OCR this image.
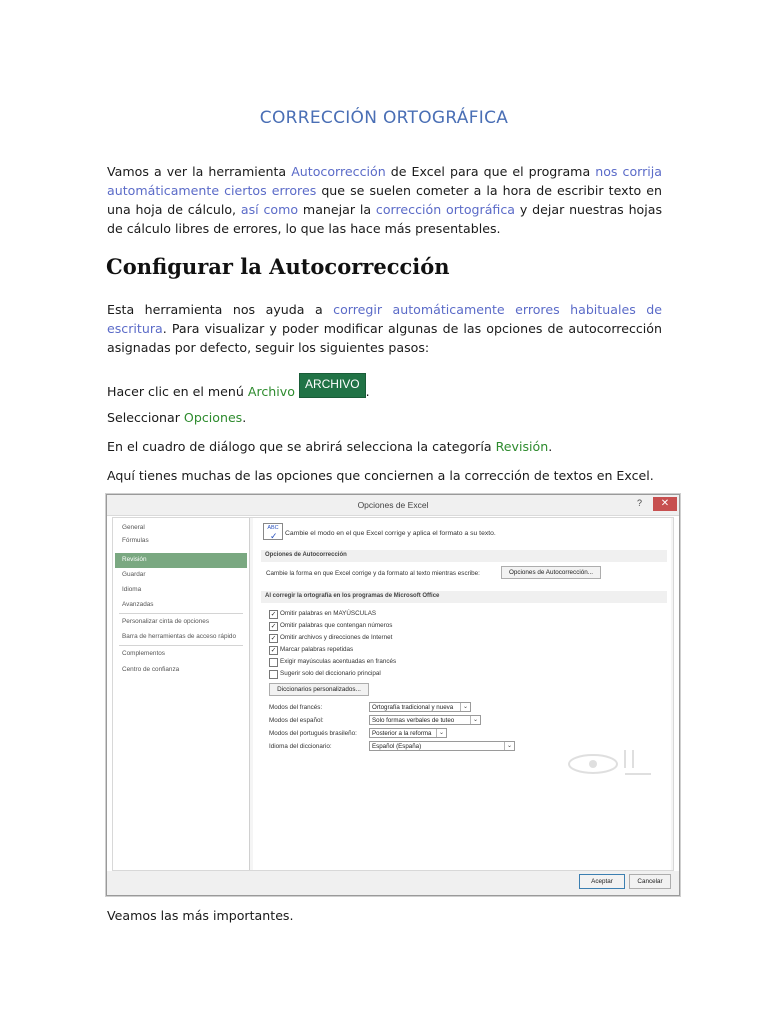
CORRECCIÓN ORTOGRÁFICA
Vamos a ver la herramienta Autocorrección de Excel para que el programa nos corrija automáticamente ciertos errores que se suelen cometer a la hora de escribir texto en una hoja de cálculo, así como manejar la corrección ortográfica y dejar nuestras hojas de cálculo libres de errores, lo que las hace más presentables.
Configurar la Autocorrección
Esta herramienta nos ayuda a corregir automáticamente errores habituales de escritura. Para visualizar y poder modificar algunas de las opciones de autocorrección asignadas por defecto, seguir los siguientes pasos:
Hacer clic en el menú Archivo ARCHIVO .
Seleccionar Opciones.
En el cuadro de diálogo que se abrirá selecciona la categoría Revisión.
Aquí tienes muchas de las opciones que conciernen a la corrección de textos en Excel.
Opciones de Excel	?	✕
General
Fórmulas
Revisión
Guardar
Idioma
Avanzadas
Personalizar cinta de opciones
Barra de herramientas de acceso rápido
Complementos
Centro de confianza
ABC
✓ Cambie el modo en el que Excel corrige y aplica el formato a su texto.
Opciones de Autocorrección
Cambie la forma en que Excel corrige y da formato al texto mientras escribe:	Opciones de Autocorrección...
Al corregir la ortografía en los programas de Microsoft Office
✓ Omitir palabras en MAYÚSCULAS
✓ Omitir palabras que contengan números
✓ Omitir archivos y direcciones de Internet
✓ Marcar palabras repetidas
Exigir mayúsculas acentuadas en francés
Sugerir solo del diccionario principal
Diccionarios personalizados...
Modos del francés:	Ortografía tradicional y nueva	⌄
Modos del español:	Solo formas verbales de tuteo	⌄
Modos del portugués brasileño: Posterior a la reforma	⌄
Idioma del diccionario:	Español (España)	⌄
Aceptar	Cancelar
Veamos las más importantes.
